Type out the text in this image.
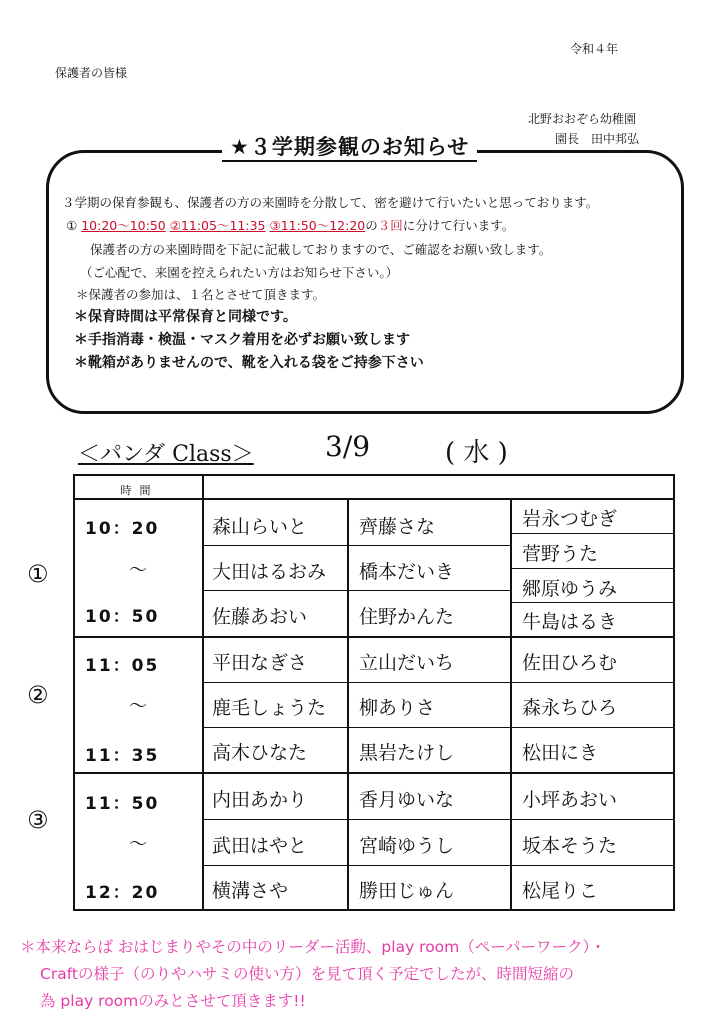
令和４年
保護者の皆様
北野おおぞら幼稚園
園長　田中邦弘
★３学期参観のお知らせ
３学期の保育参観も、保護者の方の来園時を分散して、密を避けて行いたいと思っております。
① 10:20〜10:50 ②11:05〜11:35 ③11:50〜12:20の３回に分けて行います。
保護者の方の来園時間を下記に記載しておりますので、ご確認をお願い致します。
（ご心配で、来園を控えられたい方はお知らせ下さい。）
＊保護者の参加は、１名とさせて頂きます。
＊保育時間は平常保育と同様です。
＊手指消毒・検温・マスク着用を必ずお願い致します
＊靴箱がありませんので、靴を入れる袋をご持参下さい
＜パンダ Class＞	3/9	( 水 )
①
②
③
時間
10：20
〜
10：50
11：05
〜
11：35
11：50
〜
12：20
森山らいと
大田はるおみ
佐藤あおい
齊藤さな
橋本だいき
住野かんた
岩永つむぎ
菅野うた
郷原ゆうみ
牛島はるき
平田なぎさ
鹿毛しょうた
高木ひなた
立山だいち
柳ありさ
黒岩たけし
佐田ひろむ
森永ちひろ
松田にき
内田あかり
武田はやと
横溝さや
香月ゆいな
宮崎ゆうし
勝田じゅん
小坪あおい
坂本そうた
松尾りこ
＊本来ならば おはじまりやその中のリーダー活動、play room（ペーパーワーク）・
Craftの様子（のりやハサミの使い方）を見て頂く予定でしたが、時間短縮の
為 play roomのみとさせて頂きます!!
